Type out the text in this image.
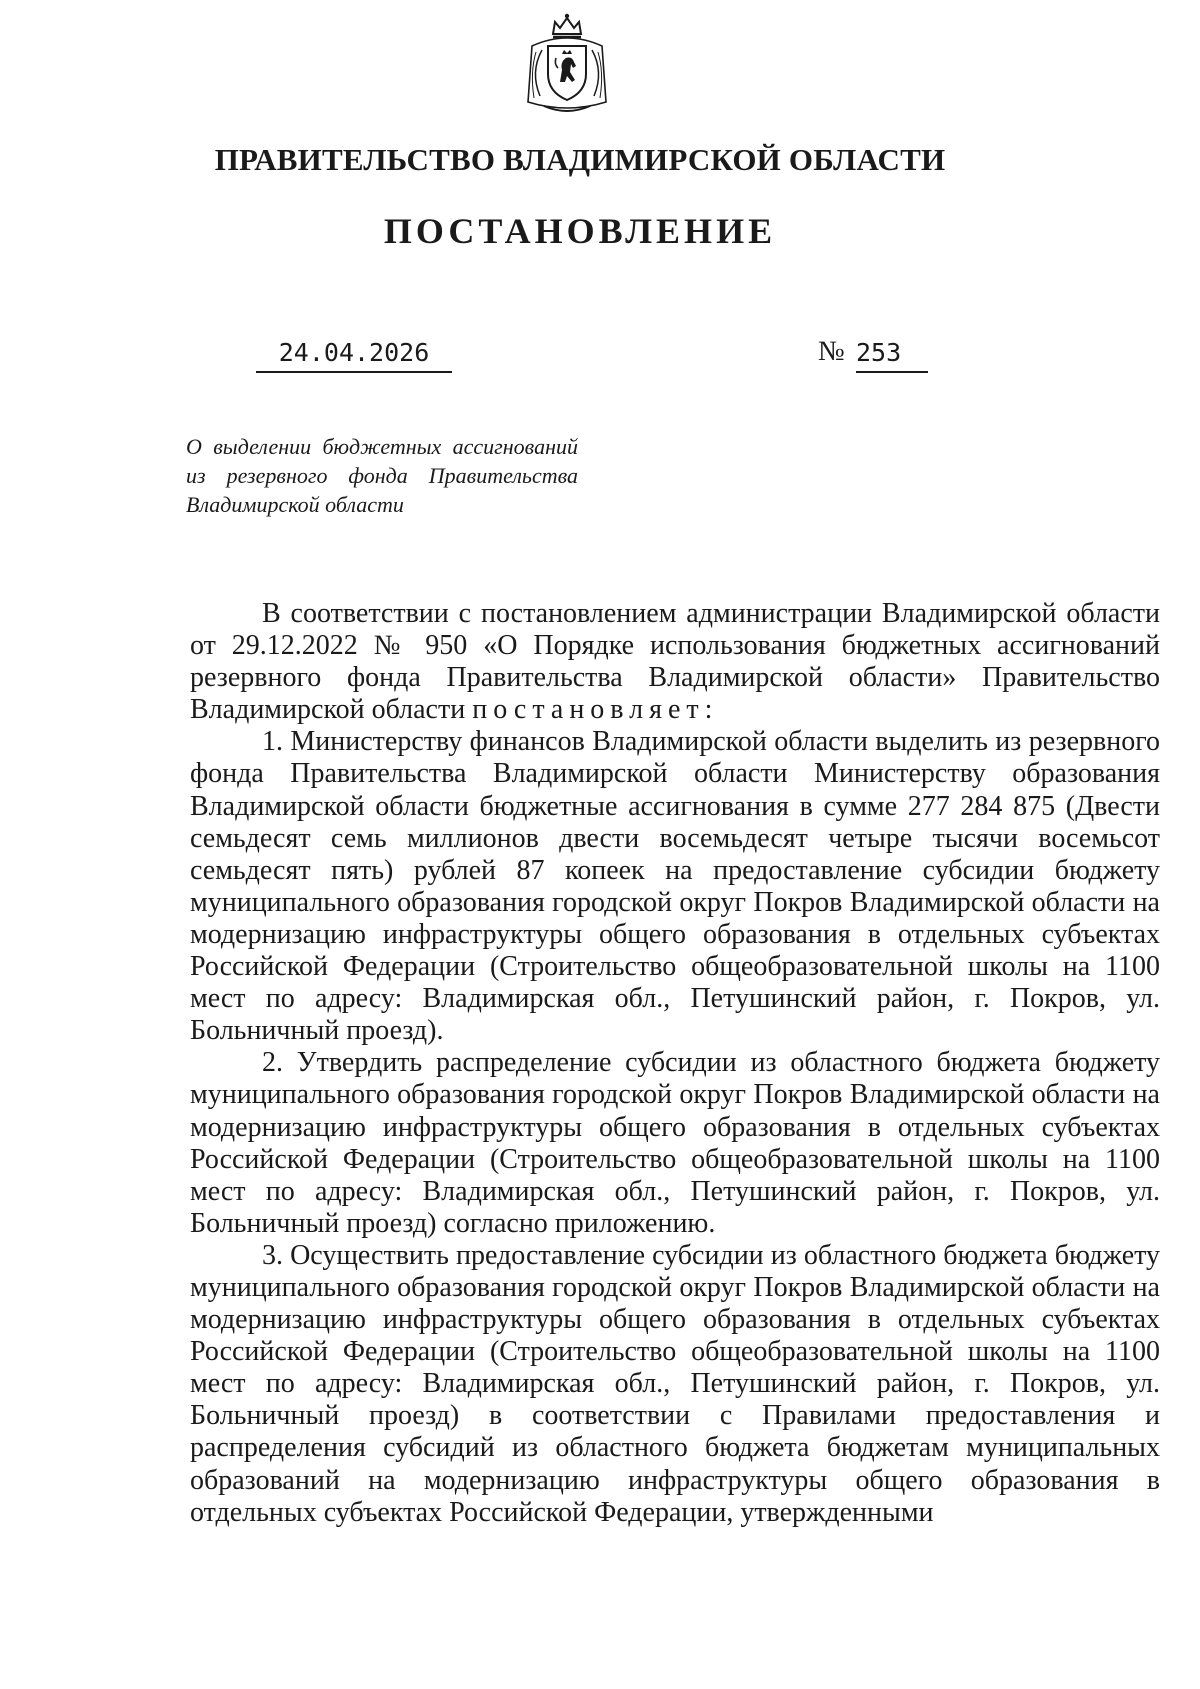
ПРАВИТЕЛЬСТВО ВЛАДИМИРСКОЙ ОБЛАСТИ
ПОСТАНОВЛЕНИЕ
24.04.2026	№ 253
О выделении бюджетных ассигнований из резервного фонда Правительства Владимирской области

В соответствии с постановлением администрации Владимирской области от 29.12.2022 № 950 «О Порядке использования бюджетных ассигнований резервного фонда Правительства Владимирской области» Правительство Владимирской области постановляет:

1. Министерству финансов Владимирской области выделить из резервного фонда Правительства Владимирской области Министерству образования Владимирской области бюджетные ассигнования в сумме 277 284 875 (Двести семьдесят семь миллионов двести восемьдесят четыре тысячи восемьсот семьдесят пять) рублей 87 копеек на предоставление субсидии бюджету муниципального образования городской округ Покров Владимирской области на модернизацию инфраструктуры общего образования в отдельных субъектах Российской Федерации (Строительство общеобразовательной школы на 1100 мест по адресу: Владимирская обл., Петушинский район, г. Покров, ул. Больничный проезд).

2. Утвердить распределение субсидии из областного бюджета бюджету муниципального образования городской округ Покров Владимирской области на модернизацию инфраструктуры общего образования в отдельных субъектах Российской Федерации (Строительство общеобразовательной школы на 1100 мест по адресу: Владимирская обл., Петушинский район, г. Покров, ул. Больничный проезд) согласно приложению.

3. Осуществить предоставление субсидии из областного бюджета бюджету муниципального образования городской округ Покров Владимирской области на модернизацию инфраструктуры общего образования в отдельных субъектах Российской Федерации (Строительство общеобразовательной школы на 1100 мест по адресу: Владимирская обл., Петушинский район, г. Покров, ул. Больничный проезд) в соответствии с Правилами предоставления и распределения субсидий из областного бюджета бюджетам муниципальных образований на модернизацию инфраструктуры общего образования в отдельных субъектах Российской Федерации, утвержденными
